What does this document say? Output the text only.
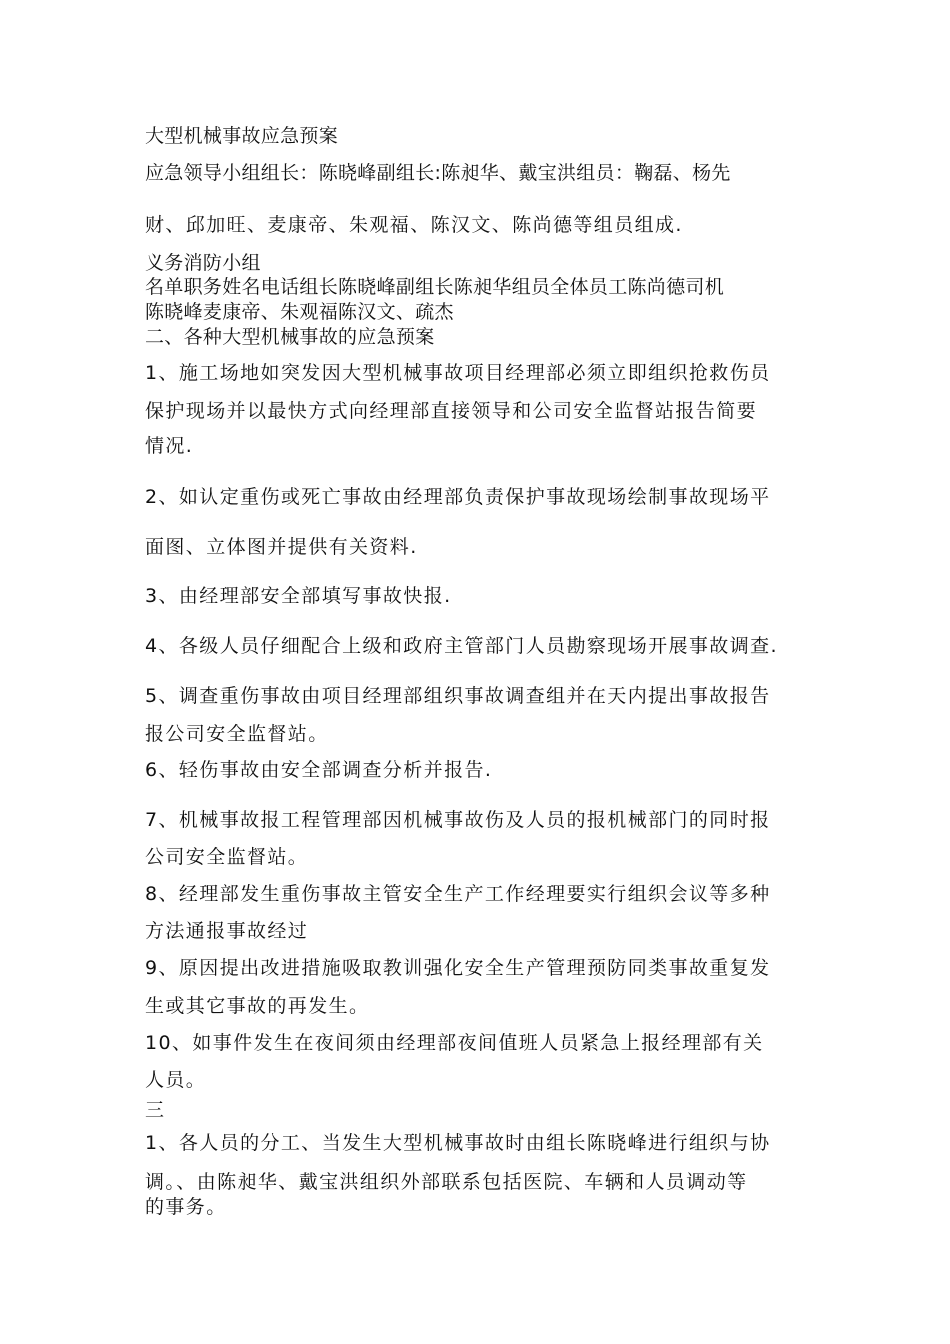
大型机械事故应急预案
应急领导小组组长：陈晓峰副组长:陈昶华、戴宝洪组员：鞠磊、杨先
财、邱加旺、麦康帝、朱观福、陈汉文、陈尚德等组员组成.
义务消防小组
名单职务姓名电话组长陈晓峰副组长陈昶华组员全体员工陈尚德司机
陈晓峰麦康帝、朱观福陈汉文、疏杰
二、各种大型机械事故的应急预案
1、施工场地如突发因大型机械事故项目经理部必须立即组织抢救伤员
保护现场并以最快方式向经理部直接领导和公司安全监督站报告简要
情况.
2、如认定重伤或死亡事故由经理部负责保护事故现场绘制事故现场平
面图、立体图并提供有关资料.
3、由经理部安全部填写事故快报.
4、各级人员仔细配合上级和政府主管部门人员勘察现场开展事故调查.
5、调查重伤事故由项目经理部组织事故调查组并在天内提出事故报告
报公司安全监督站。
6、轻伤事故由安全部调查分析并报告.
7、机械事故报工程管理部因机械事故伤及人员的报机械部门的同时报
公司安全监督站。
8、经理部发生重伤事故主管安全生产工作经理要实行组织会议等多种
方法通报事故经过
9、原因提出改进措施吸取教训强化安全生产管理预防同类事故重复发
生或其它事故的再发生。
10、如事件发生在夜间须由经理部夜间值班人员紧急上报经理部有关
人员。
三
1、各人员的分工、当发生大型机械事故时由组长陈晓峰进行组织与协
调。、由陈昶华、戴宝洪组织外部联系包括医院、车辆和人员调动等
的事务。
